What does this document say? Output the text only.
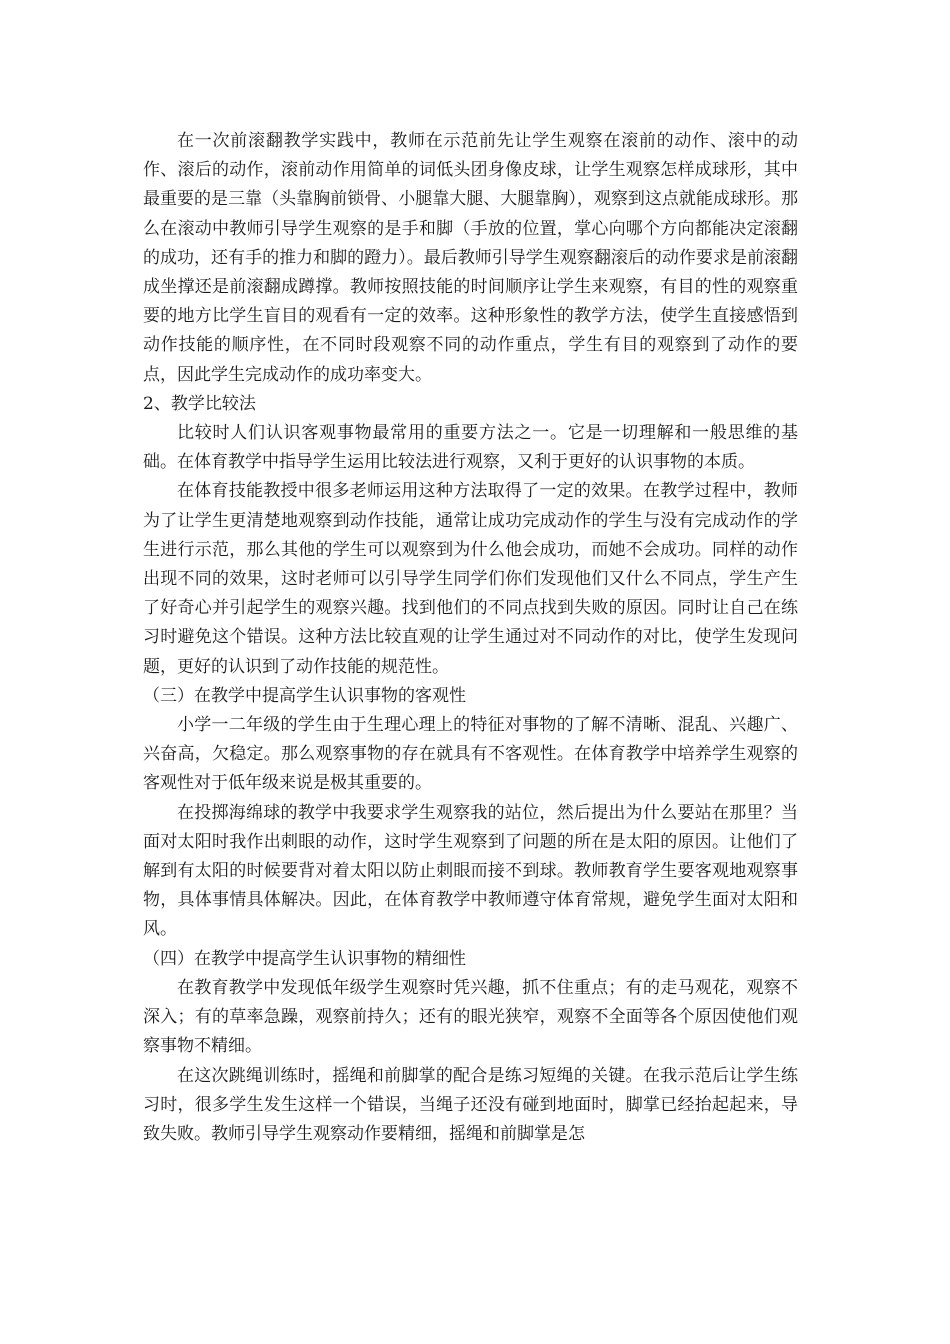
在一次前滚翻教学实践中，教师在示范前先让学生观察在滚前的动作、滚中的动作、滚后的动作，滚前动作用简单的词低头团身像皮球，让学生观察怎样成球形，其中最重要的是三靠（头靠胸前锁骨、小腿靠大腿、大腿靠胸），观察到这点就能成球形。那么在滚动中教师引导学生观察的是手和脚（手放的位置，掌心向哪个方向都能决定滚翻的成功，还有手的推力和脚的蹬力）。最后教师引导学生观察翻滚后的动作要求是前滚翻成坐撑还是前滚翻成蹲撑。教师按照技能的时间顺序让学生来观察，有目的性的观察重要的地方比学生盲目的观看有一定的效率。这种形象性的教学方法，使学生直接感悟到动作技能的顺序性，在不同时段观察不同的动作重点，学生有目的观察到了动作的要点，因此学生完成动作的成功率变大。

2、教学比较法

比较时人们认识客观事物最常用的重要方法之一。它是一切理解和一般思维的基础。在体育教学中指导学生运用比较法进行观察，又利于更好的认识事物的本质。

在体育技能教授中很多老师运用这种方法取得了一定的效果。在教学过程中，教师为了让学生更清楚地观察到动作技能，通常让成功完成动作的学生与没有完成动作的学生进行示范，那么其他的学生可以观察到为什么他会成功，而她不会成功。同样的动作出现不同的效果，这时老师可以引导学生同学们你们发现他们又什么不同点，学生产生了好奇心并引起学生的观察兴趣。找到他们的不同点找到失败的原因。同时让自己在练习时避免这个错误。这种方法比较直观的让学生通过对不同动作的对比，使学生发现问题，更好的认识到了动作技能的规范性。

（三）在教学中提高学生认识事物的客观性

小学一二年级的学生由于生理心理上的特征对事物的了解不清晰、混乱、兴趣广、兴奋高，欠稳定。那么观察事物的存在就具有不客观性。在体育教学中培养学生观察的客观性对于低年级来说是极其重要的。

在投掷海绵球的教学中我要求学生观察我的站位，然后提出为什么要站在那里？当面对太阳时我作出刺眼的动作，这时学生观察到了问题的所在是太阳的原因。让他们了解到有太阳的时候要背对着太阳以防止刺眼而接不到球。教师教育学生要客观地观察事物，具体事情具体解决。因此，在体育教学中教师遵守体育常规，避免学生面对太阳和风。

（四）在教学中提高学生认识事物的精细性

在教育教学中发现低年级学生观察时凭兴趣，抓不住重点；有的走马观花，观察不深入；有的草率急躁，观察前持久；还有的眼光狭窄，观察不全面等各个原因使他们观察事物不精细。

在这次跳绳训练时，摇绳和前脚掌的配合是练习短绳的关键。在我示范后让学生练习时，很多学生发生这样一个错误，当绳子还没有碰到地面时，脚掌已经抬起起来，导致失败。教师引导学生观察动作要精细，摇绳和前脚掌是怎
